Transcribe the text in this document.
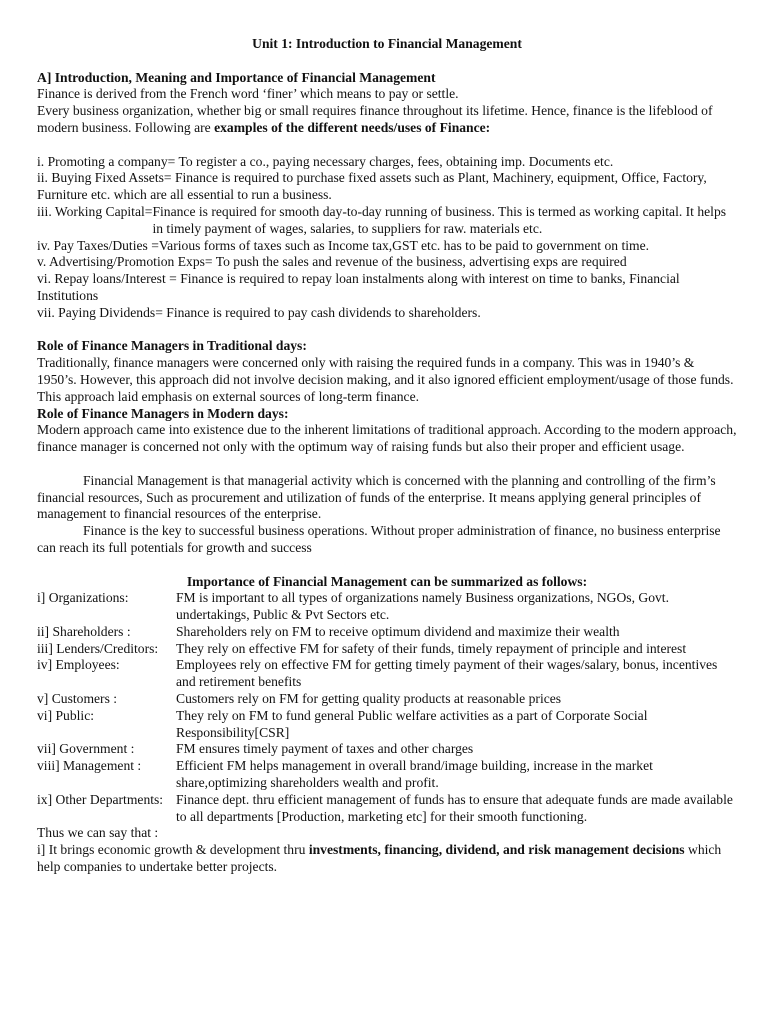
Unit 1: Introduction to Financial Management

A] Introduction, Meaning and Importance of Financial Management

Finance is derived from the French word ‘finer’ which means to pay or settle.

Every business organization, whether big or small requires finance throughout its lifetime. Hence, finance is the lifeblood of modern business. Following are examples of the different needs/uses of Finance:

i. Promoting a company= To register a co., paying necessary charges, fees, obtaining imp. Documents etc.

ii. Buying Fixed Assets= Finance is required to purchase fixed assets such as Plant, Machinery, equipment, Office, Factory, Furniture etc. which are all essential to run a business.

iii. Working Capital= Finance is required for smooth day-to-day running of business. This is termed as working capital. It helps in timely payment of wages, salaries, to suppliers for raw. materials etc.
iv. Pay Taxes/Duties = Various forms of taxes such as Income tax,GST etc. has to be paid to government on time.

v. Advertising/Promotion Exps= To push the sales and revenue of the business, advertising exps are required

vi. Repay loans/Interest = Finance is required to repay loan instalments along with interest on time to banks, Financial Institutions

vii. Paying Dividends= Finance is required to pay cash dividends to shareholders.

Role of Finance Managers in Traditional days:

Traditionally, finance managers were concerned only with raising the required funds in a company. This was in 1940’s & 1950’s. However, this approach did not involve decision making, and it also ignored efficient employment/usage of those funds. This approach laid emphasis on external sources of long-term finance.

Role of Finance Managers in Modern days:

Modern approach came into existence due to the inherent limitations of traditional approach. According to the modern approach, finance manager is concerned not only with the optimum way of raising funds but also their proper and efficient usage.

Financial Management is that managerial activity which is concerned with the planning and controlling of the firm’s financial resources, Such as procurement and utilization of funds of the enterprise. It means applying general principles of management to financial resources of the enterprise.

Finance is the key to successful business operations. Without proper administration of finance, no business enterprise can reach its full potentials for growth and success

Importance of Financial Management can be summarized as follows:

i] Organizations:	FM is important to all types of organizations namely Business organizations, NGOs, Govt. undertakings, Public & Pvt Sectors etc.
ii] Shareholders :	Shareholders rely on FM to receive optimum dividend and maximize their wealth
iii] Lenders/Creditors:	They rely on effective FM for safety of their funds, timely repayment of principle and interest
iv] Employees:	Employees rely on effective FM for getting timely payment of their wages/salary, bonus, incentives and retirement benefits
v] Customers :	Customers rely on FM for getting quality products at reasonable prices
vi] Public:	They rely on FM to fund general Public welfare activities as a part of Corporate Social Responsibility[CSR]
vii] Government :	FM ensures timely payment of taxes and other charges
viii] Management :	Efficient FM helps management in overall brand/image building, increase in the market share,optimizing shareholders wealth and profit.
ix] Other Departments: Finance dept. thru efficient management of funds has to ensure that adequate funds are made available to all departments [Production, marketing etc] for their smooth functioning.

Thus we can say that :

i] It brings economic growth & development thru investments, financing, dividend, and risk management decisions which help companies to undertake better projects.
